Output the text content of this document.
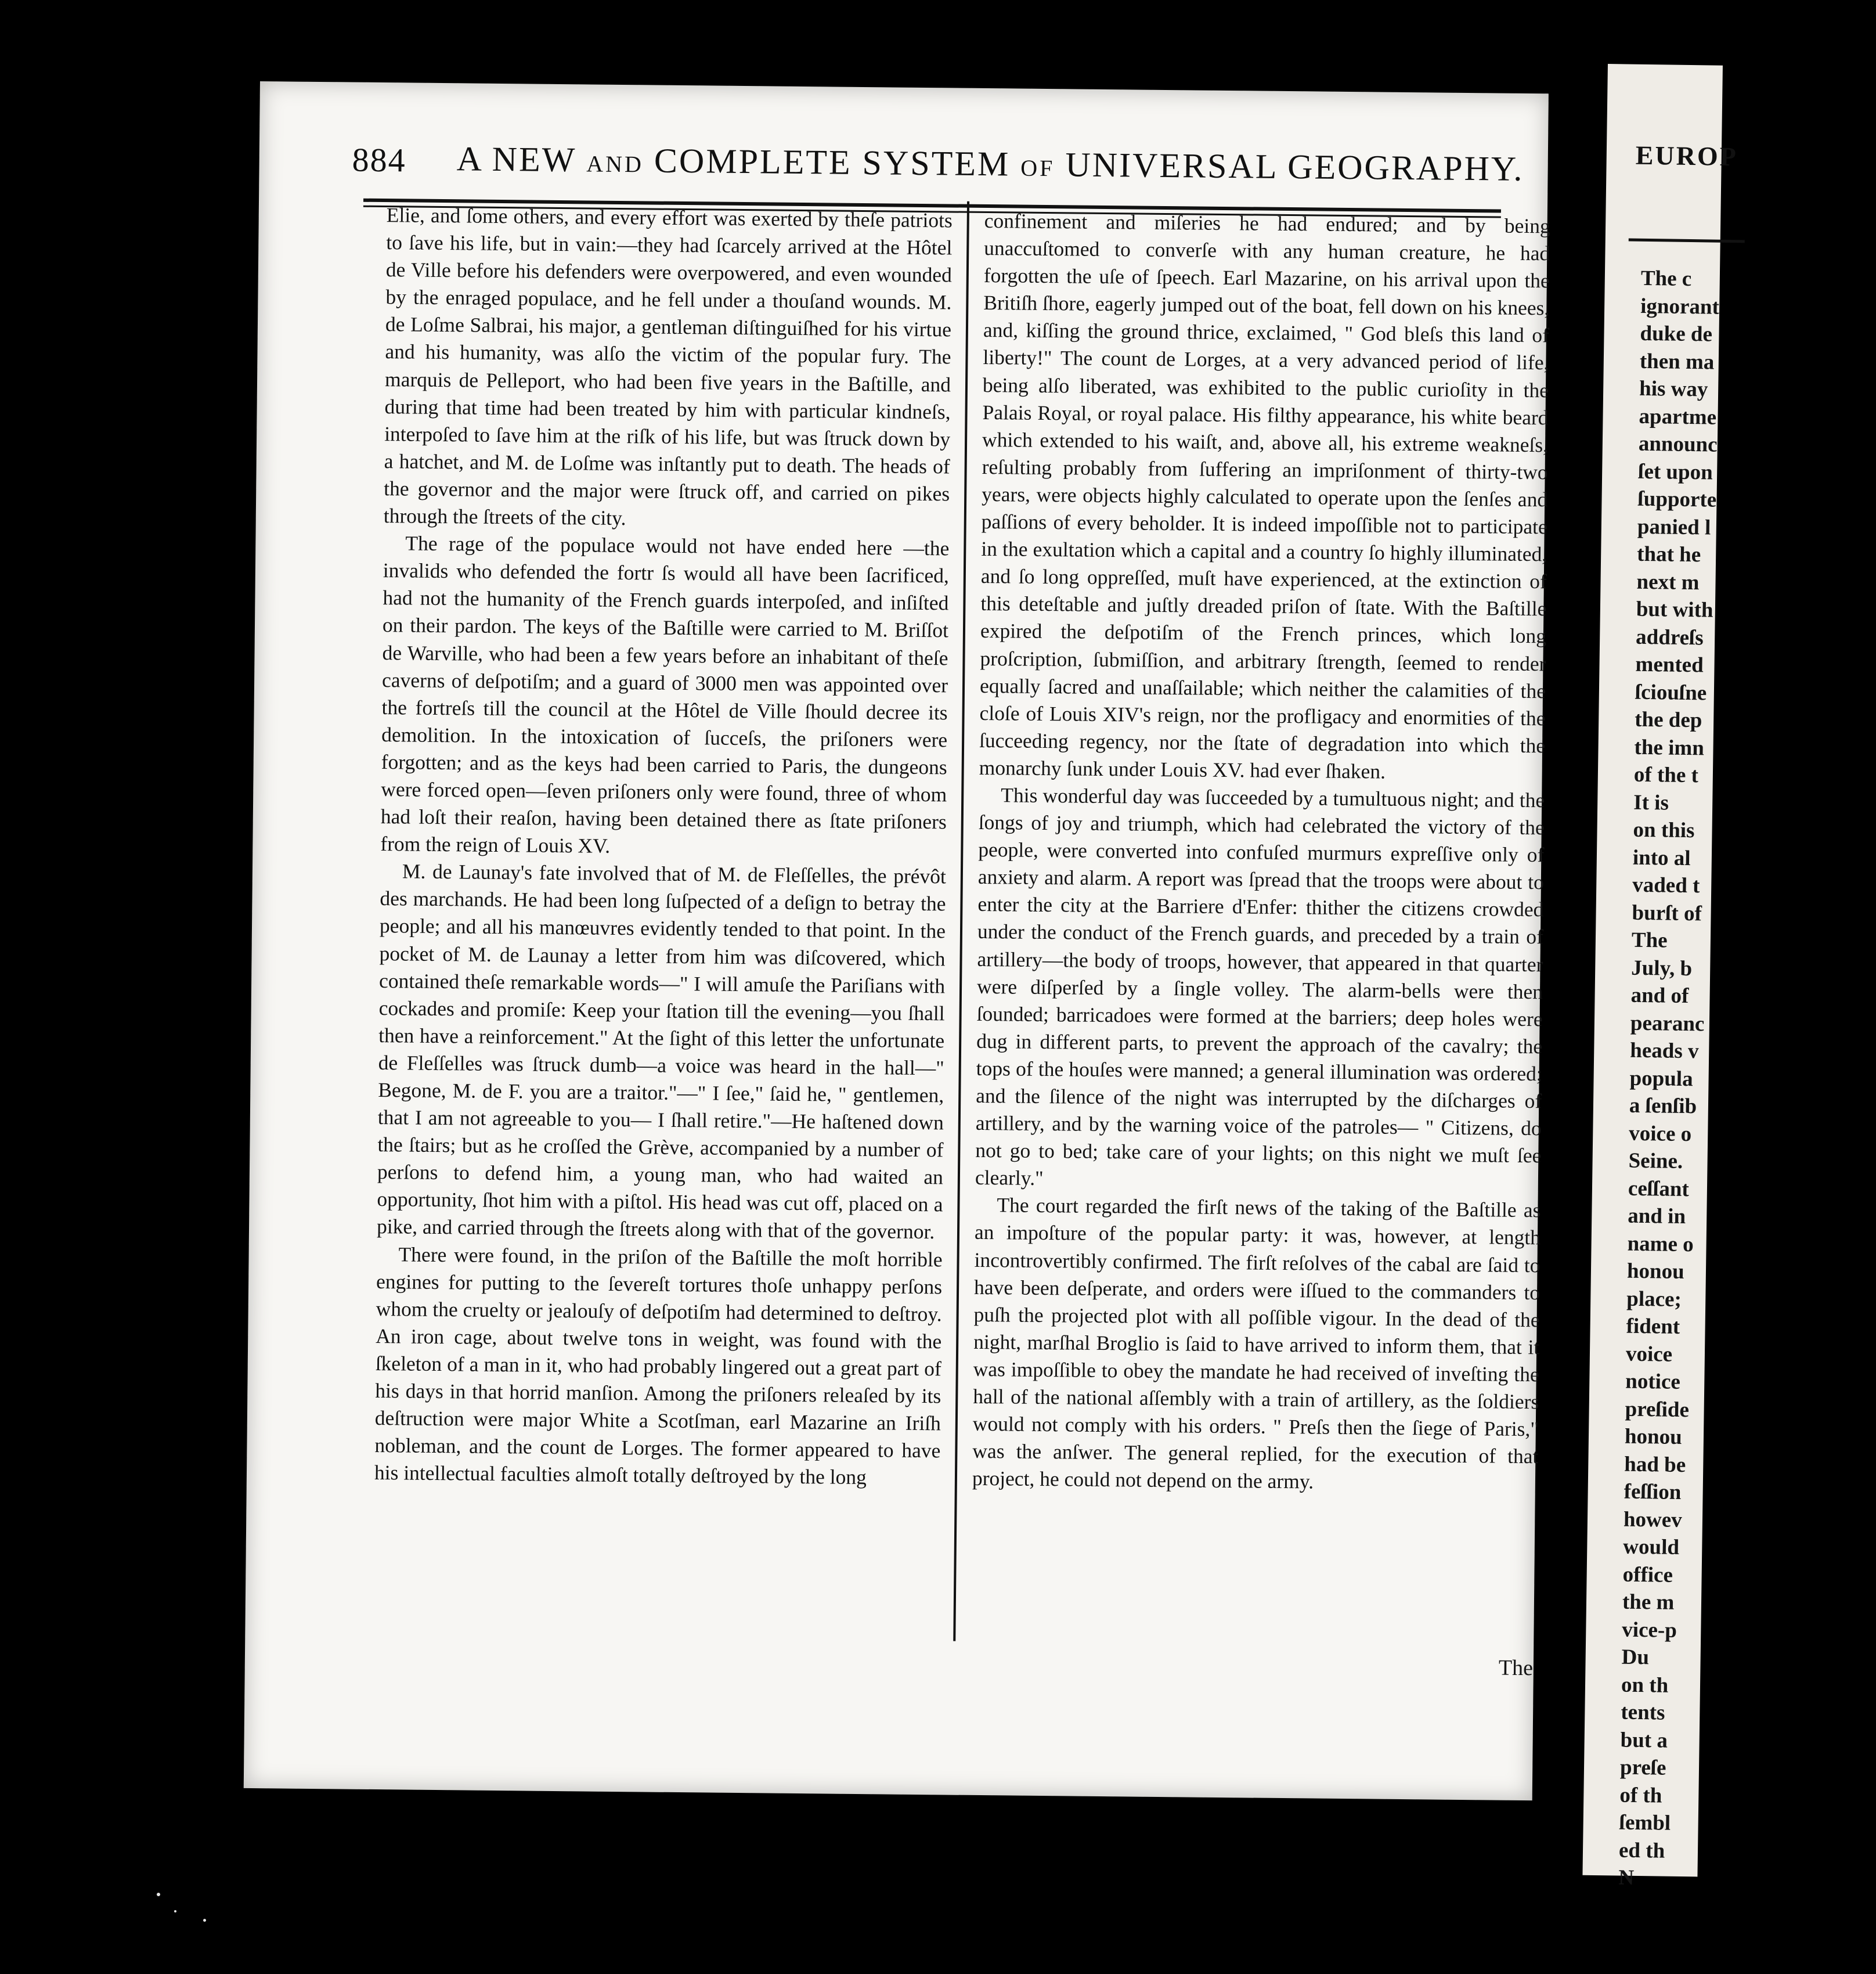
884 A NEW AND COMPLETE SYSTEM OF UNIVERSAL GEOGRAPHY.

Elie, and ſome others, and every effort was exerted by theſe patriots to ſave his life, but in vain:—they had ſcarcely arrived at the Hôtel de Ville before his defenders were overpowered, and even wounded by the enraged populace, and he fell under a thouſand wounds. M. de Loſme Salbrai, his major, a gentleman diſtinguiſhed for his virtue and his humanity, was alſo the victim of the popular fury. The marquis de Pelleport, who had been five years in the Baſtille, and during that time had been treated by him with particular kindneſs, interpoſed to ſave him at the riſk of his life, but was ſtruck down by a hatchet, and M. de Loſme was inſtantly put to death. The heads of the governor and the major were ſtruck off, and carried on pikes through the ſtreets of the city.

The rage of the populace would not have ended here —the invalids who defended the fortr ſs would all have been ſacrificed, had not the humanity of the French guards interpoſed, and inſiſted on their pardon. The keys of the Baſtille were carried to M. Briſſot de Warville, who had been a few years before an inhabitant of theſe caverns of deſpotiſm; and a guard of 3000 men was appointed over the fortreſs till the council at the Hôtel de Ville ſhould decree its demolition. In the intoxication of ſucceſs, the priſoners were forgotten; and as the keys had been carried to Paris, the dungeons were forced open—ſeven priſoners only were found, three of whom had loſt their reaſon, having been detained there as ſtate priſoners from the reign of Louis XV.

M. de Launay's fate involved that of M. de Fleſſelles, the prévôt des marchands. He had been long ſuſpected of a deſign to betray the people; and all his manœuvres evidently tended to that point. In the pocket of M. de Launay a letter from him was diſcovered, which contained theſe remarkable words—" I will amuſe the Pariſians with cockades and promiſe: Keep your ſtation till the evening—you ſhall then have a reinforcement." At the ſight of this letter the unfortunate de Fleſſelles was ſtruck dumb—a voice was heard in the hall—" Begone, M. de F. you are a traitor."—" I ſee," ſaid he, " gentlemen, that I am not agreeable to you— I ſhall retire."—He haſtened down the ſtairs; but as he croſſed the Grève, accompanied by a number of perſons to defend him, a young man, who had waited an opportunity, ſhot him with a piſtol. His head was cut off, placed on a pike, and carried through the ſtreets along with that of the governor.

There were found, in the priſon of the Baſtille the moſt horrible engines for putting to the ſevereſt tortures thoſe unhappy perſons whom the cruelty or jealouſy of deſpotiſm had determined to deſtroy. An iron cage, about twelve tons in weight, was found with the ſkeleton of a man in it, who had probably lingered out a great part of his days in that horrid manſion. Among the priſoners releaſed by its deſtruction were major White a Scotſman, earl Mazarine an Iriſh nobleman, and the count de Lorges. The former appeared to have his intellectual faculties almoſt totally deſtroyed by the long

confinement and miſeries he had endured; and by being unaccuſtomed to converſe with any human creature, he had forgotten the uſe of ſpeech. Earl Mazarine, on his arrival upon the Britiſh ſhore, eagerly jumped out of the boat, fell down on his knees, and, kiſſing the ground thrice, exclaimed, " God bleſs this land of liberty!" The count de Lorges, at a very advanced period of life, being alſo liberated, was exhibited to the public curioſity in the Palais Royal, or royal palace. His filthy appearance, his white beard which extended to his waiſt, and, above all, his extreme weakneſs, reſulting probably from ſuffering an impriſonment of thirty-two years, were objects highly calculated to operate upon the ſenſes and paſſions of every beholder. It is indeed impoſſible not to participate in the exultation which a capital and a country ſo highly illuminated, and ſo long oppreſſed, muſt have experienced, at the extinction of this deteſtable and juſtly dreaded priſon of ſtate. With the Baſtille expired the deſpotiſm of the French princes, which long proſcription, ſubmiſſion, and arbitrary ſtrength, ſeemed to render equally ſacred and unaſſailable; which neither the calamities of the cloſe of Louis XIV's reign, nor the profligacy and enormities of the ſucceeding regency, nor the ſtate of degradation into which the monarchy ſunk under Louis XV. had ever ſhaken.

This wonderful day was ſucceeded by a tumultuous night; and the ſongs of joy and triumph, which had celebrated the victory of the people, were converted into confuſed murmurs expreſſive only of anxiety and alarm. A report was ſpread that the troops were about to enter the city at the Barriere d'Enfer: thither the citizens crowded under the conduct of the French guards, and preceded by a train of artillery—the body of troops, however, that appeared in that quarter were diſperſed by a ſingle volley. The alarm-bells were then ſounded; barricadoes were formed at the barriers; deep holes were dug in different parts, to prevent the approach of the cavalry; the tops of the houſes were manned; a general illumination was ordered; and the ſilence of the night was interrupted by the diſcharges of artillery, and by the warning voice of the patroles— " Citizens, do not go to bed; take care of your lights; on this night we muſt ſee clearly."

The court regarded the firſt news of the taking of the Baſtille as an impoſture of the popular party: it was, however, at length incontrovertibly confirmed. The firſt reſolves of the cabal are ſaid to have been deſperate, and orders were iſſued to the commanders to puſh the projected plot with all poſſible vigour. In the dead of the night, marſhal Broglio is ſaid to have arrived to inform them, that it was impoſſible to obey the mandate he had received of inveſting the hall of the national aſſembly with a train of artillery, as the ſoldiers would not comply with his orders. " Preſs then the ſiege of Paris," was the anſwer. The general replied, for the execution of that project, he could not depend on the army.

The
EUROP
The c
ignorant
duke de
then ma
his way
apartme
announc
ſet upon
ſupporte
panied l
that he
next m
but with
addreſs
mented
ſciouſne
the dep
the imn
of the t
It is
on this
into al
vaded t
burſt of
The
July, b
and of
pearanc
heads v
popula
a ſenſib
voice o
Seine.
ceſſant
and in
name o
honou
place;
fident
voice
notice
preſide
honou
had be
feſſion
howev
would
office
the m
vice-p
Du
on th
tents
but a
preſe
of th
ſembl
ed th
N
